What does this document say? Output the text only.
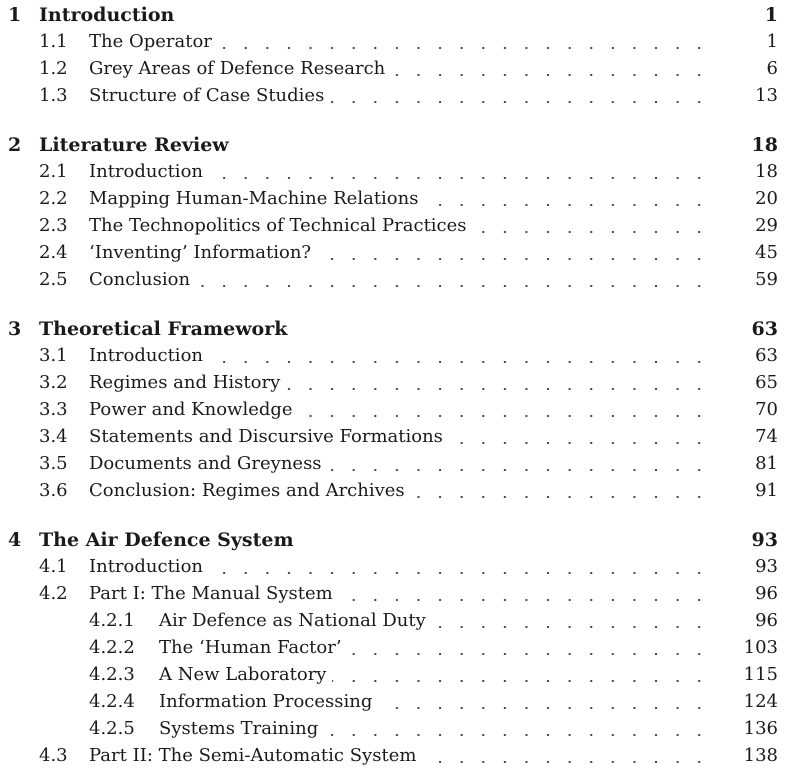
1 Introduction	1
1.1 The Operator	1
1.2 Grey Areas of Defence Research	6
1.3 Structure of Case Studies	13
2 Literature Review	18
2.1 Introduction	18
2.2 Mapping Human-Machine Relations	20
2.3 The Technopolitics of Technical Practices	29
2.4 ‘Inventing’ Information?	45
2.5 Conclusion	59
3 Theoretical Framework	63
3.1 Introduction	63
3.2 Regimes and History	65
3.3 Power and Knowledge	70
3.4 Statements and Discursive Formations	74
3.5 Documents and Greyness	81
3.6 Conclusion: Regimes and Archives	91
4 The Air Defence System	93
4.1 Introduction	93
4.2 Part I: The Manual System	96
4.2.1 Air Defence as National Duty	96
4.2.2 The ‘Human Factor’	103
4.2.3 A New Laboratory	115
4.2.4 Information Processing	124
4.2.5 Systems Training	136
4.3 Part II: The Semi-Automatic System	138
